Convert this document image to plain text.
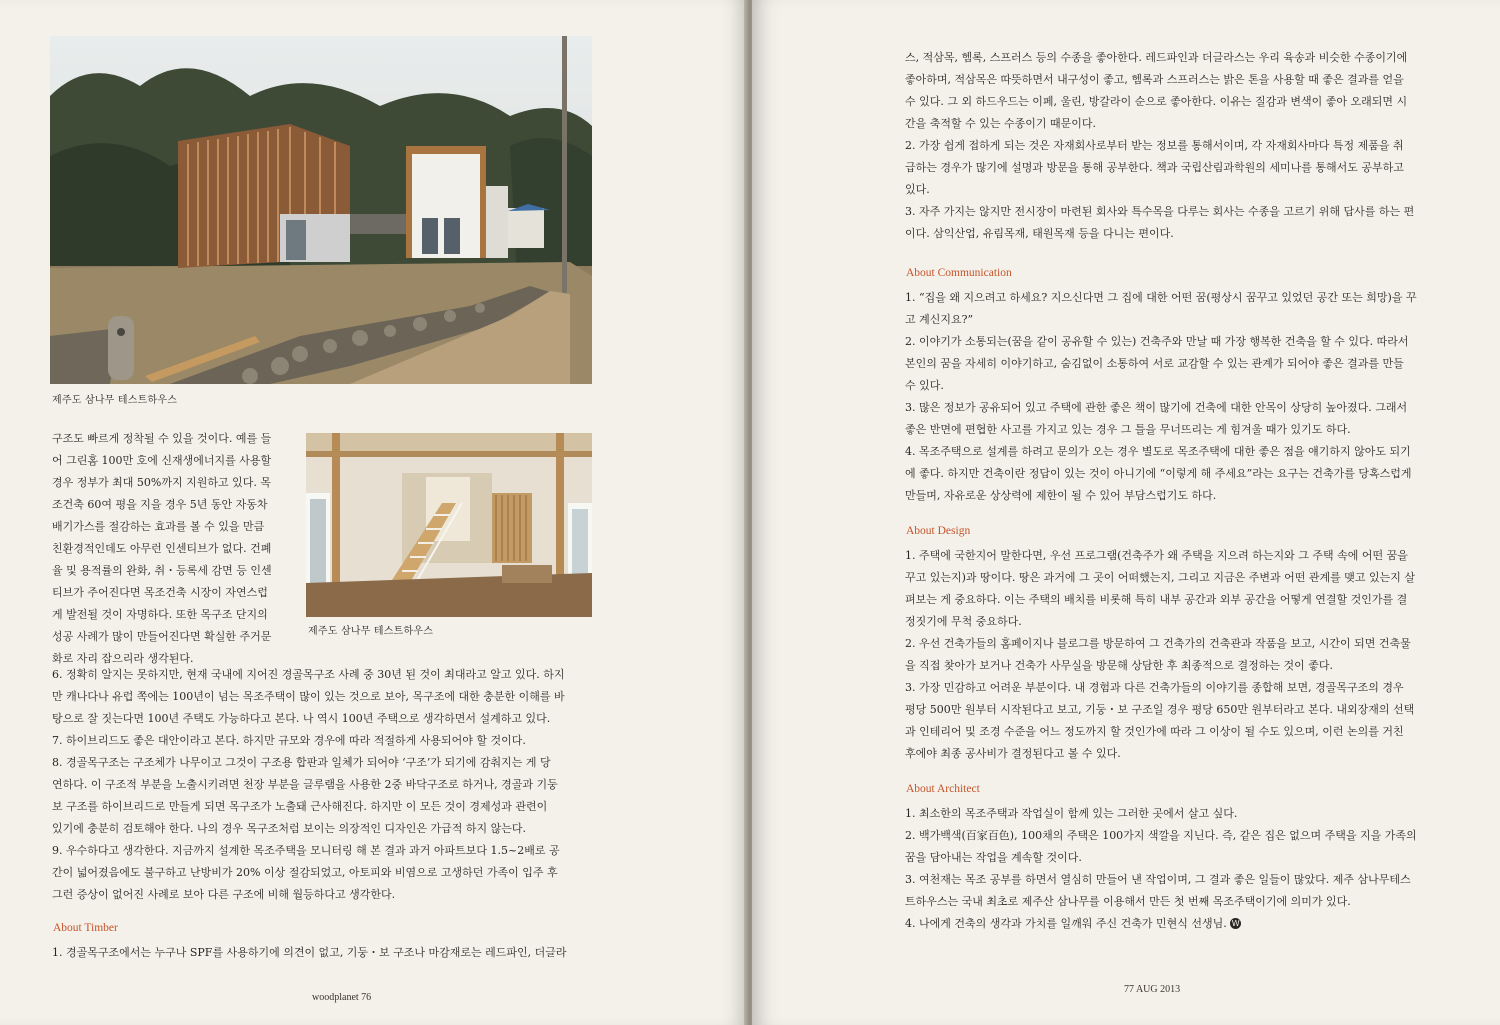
제주도 삼나무 테스트하우스
제주도 삼나무 테스트하우스

구조도 빠르게 정착될 수 있을 것이다. 예를 들

어 그린홈 100만 호에 신재생에너지를 사용할

경우 정부가 최대 50%까지 지원하고 있다. 목

조건축 60여 평을 지을 경우 5년 동안 자동차

배기가스를 절감하는 효과를 볼 수 있을 만큼

친환경적인데도 아무런 인센티브가 없다. 건폐

율 및 용적률의 완화, 취・등록세 감면 등 인센

티브가 주어진다면 목조건축 시장이 자연스럽

게 발전될 것이 자명하다. 또한 목구조 단지의

성공 사례가 많이 만들어진다면 확실한 주거문

화로 자리 잡으리라 생각된다.

6. 정확히 알지는 못하지만, 현재 국내에 지어진 경골목구조 사례 중 30년 된 것이 최대라고 알고 있다. 하지

만 캐나다나 유럽 쪽에는 100년이 넘는 목조주택이 많이 있는 것으로 보아, 목구조에 대한 충분한 이해를 바

탕으로 잘 짓는다면 100년 주택도 가능하다고 본다. 나 역시 100년 주택으로 생각하면서 설계하고 있다.

7. 하이브리드도 좋은 대안이라고 본다. 하지만 규모와 경우에 따라 적절하게 사용되어야 할 것이다.

8. 경골목구조는 구조체가 나무이고 그것이 구조용 합판과 일체가 되어야 ‘구조’가 되기에 감춰지는 게 당

연하다. 이 구조적 부분을 노출시키려면 천장 부분을 글루램을 사용한 2중 바닥구조로 하거나, 경골과 기둥

보 구조를 하이브리드로 만들게 되면 목구조가 노출돼 근사해진다. 하지만 이 모든 것이 경제성과 관련이

있기에 충분히 검토해야 한다. 나의 경우 목구조처럼 보이는 의장적인 디자인은 가급적 하지 않는다.

9. 우수하다고 생각한다. 지금까지 설계한 목조주택을 모니터링 해 본 결과 과거 아파트보다 1.5~2배로 공

간이 넓어졌음에도 불구하고 난방비가 20% 이상 절감되었고, 아토피와 비염으로 고생하던 가족이 입주 후

그런 증상이 없어진 사례로 보아 다른 구조에 비해 월등하다고 생각한다.

About Timber

1. 경골목구조에서는 누구나 SPF를 사용하기에 의견이 없고, 기둥・보 구조나 마감재로는 레드파인, 더글라

woodplanet 76

스, 적삼목, 헴록, 스프러스 등의 수종을 좋아한다. 레드파인과 더글라스는 우리 육송과 비슷한 수종이기에

좋아하며, 적삼목은 따뜻하면서 내구성이 좋고, 헴록과 스프러스는 밝은 톤을 사용할 때 좋은 결과를 얻을

수 있다. 그 외 하드우드는 이페, 울린, 방갈라이 순으로 좋아한다. 이유는 질감과 변색이 좋아 오래되면 시

간을 축적할 수 있는 수종이기 때문이다.

2. 가장 쉽게 접하게 되는 것은 자재회사로부터 받는 정보를 통해서이며, 각 자재회사마다 특정 제품을 취

급하는 경우가 많기에 설명과 방문을 통해 공부한다. 책과 국립산림과학원의 세미나를 통해서도 공부하고

있다.

3. 자주 가지는 않지만 전시장이 마련된 회사와 특수목을 다루는 회사는 수종을 고르기 위해 답사를 하는 편

이다. 삼익산업, 유림목재, 태원목재 등을 다니는 편이다.

About Communication

1. “집을 왜 지으려고 하세요? 지으신다면 그 집에 대한 어떤 꿈(평상시 꿈꾸고 있었던 공간 또는 희망)을 꾸

고 계신지요?”

2. 이야기가 소통되는(꿈을 같이 공유할 수 있는) 건축주와 만날 때 가장 행복한 건축을 할 수 있다. 따라서

본인의 꿈을 자세히 이야기하고, 숨김없이 소통하여 서로 교감할 수 있는 관계가 되어야 좋은 결과를 만들

수 있다.

3. 많은 정보가 공유되어 있고 주택에 관한 좋은 책이 많기에 건축에 대한 안목이 상당히 높아졌다. 그래서

좋은 반면에 편협한 사고를 가지고 있는 경우 그 틀을 무너뜨리는 게 힘겨울 때가 있기도 하다.

4. 목조주택으로 설계를 하려고 문의가 오는 경우 별도로 목조주택에 대한 좋은 점을 얘기하지 않아도 되기

에 좋다. 하지만 건축이란 정답이 있는 것이 아니기에 “이렇게 해 주세요”라는 요구는 건축가를 당혹스럽게

만들며, 자유로운 상상력에 제한이 될 수 있어 부담스럽기도 하다.

About Design

1. 주택에 국한지어 말한다면, 우선 프로그램(건축주가 왜 주택을 지으려 하는지와 그 주택 속에 어떤 꿈을

꾸고 있는지)과 땅이다. 땅은 과거에 그 곳이 어떠했는지, 그리고 지금은 주변과 어떤 관계를 맺고 있는지 살

펴보는 게 중요하다. 이는 주택의 배치를 비롯해 특히 내부 공간과 외부 공간을 어떻게 연결할 것인가를 결

정짓기에 무척 중요하다.

2. 우선 건축가들의 홈페이지나 블로그를 방문하여 그 건축가의 건축관과 작품을 보고, 시간이 되면 건축물

을 직접 찾아가 보거나 건축가 사무실을 방문해 상담한 후 최종적으로 결정하는 것이 좋다.

3. 가장 민감하고 어려운 부분이다. 내 경험과 다른 건축가들의 이야기를 종합해 보면, 경골목구조의 경우

평당 500만 원부터 시작된다고 보고, 기둥・보 구조일 경우 평당 650만 원부터라고 본다. 내외장재의 선택

과 인테리어 및 조경 수준을 어느 정도까지 할 것인가에 따라 그 이상이 될 수도 있으며, 이런 논의를 거친

후에야 최종 공사비가 결정된다고 볼 수 있다.

About Architect

1. 최소한의 목조주택과 작업실이 함께 있는 그러한 곳에서 살고 싶다.

2. 백가백색(百家百色), 100채의 주택은 100가지 색깔을 지닌다. 즉, 같은 집은 없으며 주택을 지을 가족의

꿈을 담아내는 작업을 계속할 것이다.

3. 여천재는 목조 공부를 하면서 열심히 만들어 낸 작업이며, 그 결과 좋은 일들이 많았다. 제주 삼나무테스

트하우스는 국내 최초로 제주산 삼나무를 이용해서 만든 첫 번째 목조주택이기에 의미가 있다.

4. 나에게 건축의 생각과 가치를 일깨워 주신 건축가 민현식 선생님. W

77 AUG 2013
